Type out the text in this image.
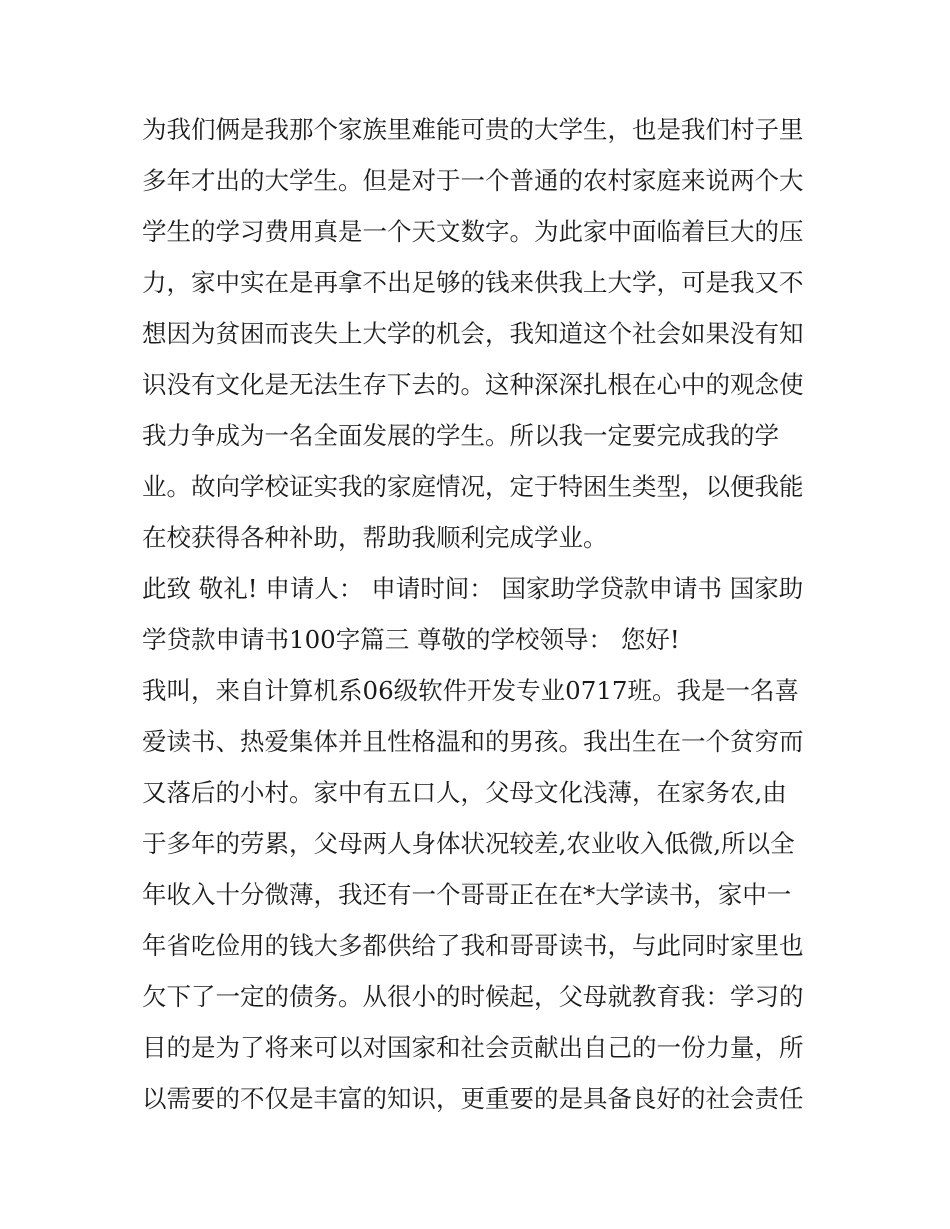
为我们俩是我那个家族里难能可贵的大学生，也是我们村子里
多年才出的大学生。但是对于一个普通的农村家庭来说两个大
学生的学习费用真是一个天文数字。为此家中面临着巨大的压
力，家中实在是再拿不出足够的钱来供我上大学，可是我又不
想因为贫困而丧失上大学的机会，我知道这个社会如果没有知
识没有文化是无法生存下去的。这种深深扎根在心中的观念使
我力争成为一名全面发展的学生。所以我一定要完成我的学
业。故向学校证实我的家庭情况，定于特困生类型，以便我能
在校获得各种补助，帮助我顺利完成学业。
此致 敬礼! 申请人： 申请时间： 国家助学贷款申请书 国家助
学贷款申请书100字篇三 尊敬的学校领导： 您好!
我叫，来自计算机系06级软件开发专业0717班。我是一名喜
爱读书、热爱集体并且性格温和的男孩。我出生在一个贫穷而
又落后的小村。家中有五口人，父母文化浅薄，在家务农,由
于多年的劳累，父母两人身体状况较差,农业收入低微,所以全
年收入十分微薄，我还有一个哥哥正在在*大学读书，家中一
年省吃俭用的钱大多都供给了我和哥哥读书，与此同时家里也
欠下了一定的债务。从很小的时候起，父母就教育我：学习的
目的是为了将来可以对国家和社会贡献出自己的一份力量，所
以需要的不仅是丰富的知识，更重要的是具备良好的社会责任
